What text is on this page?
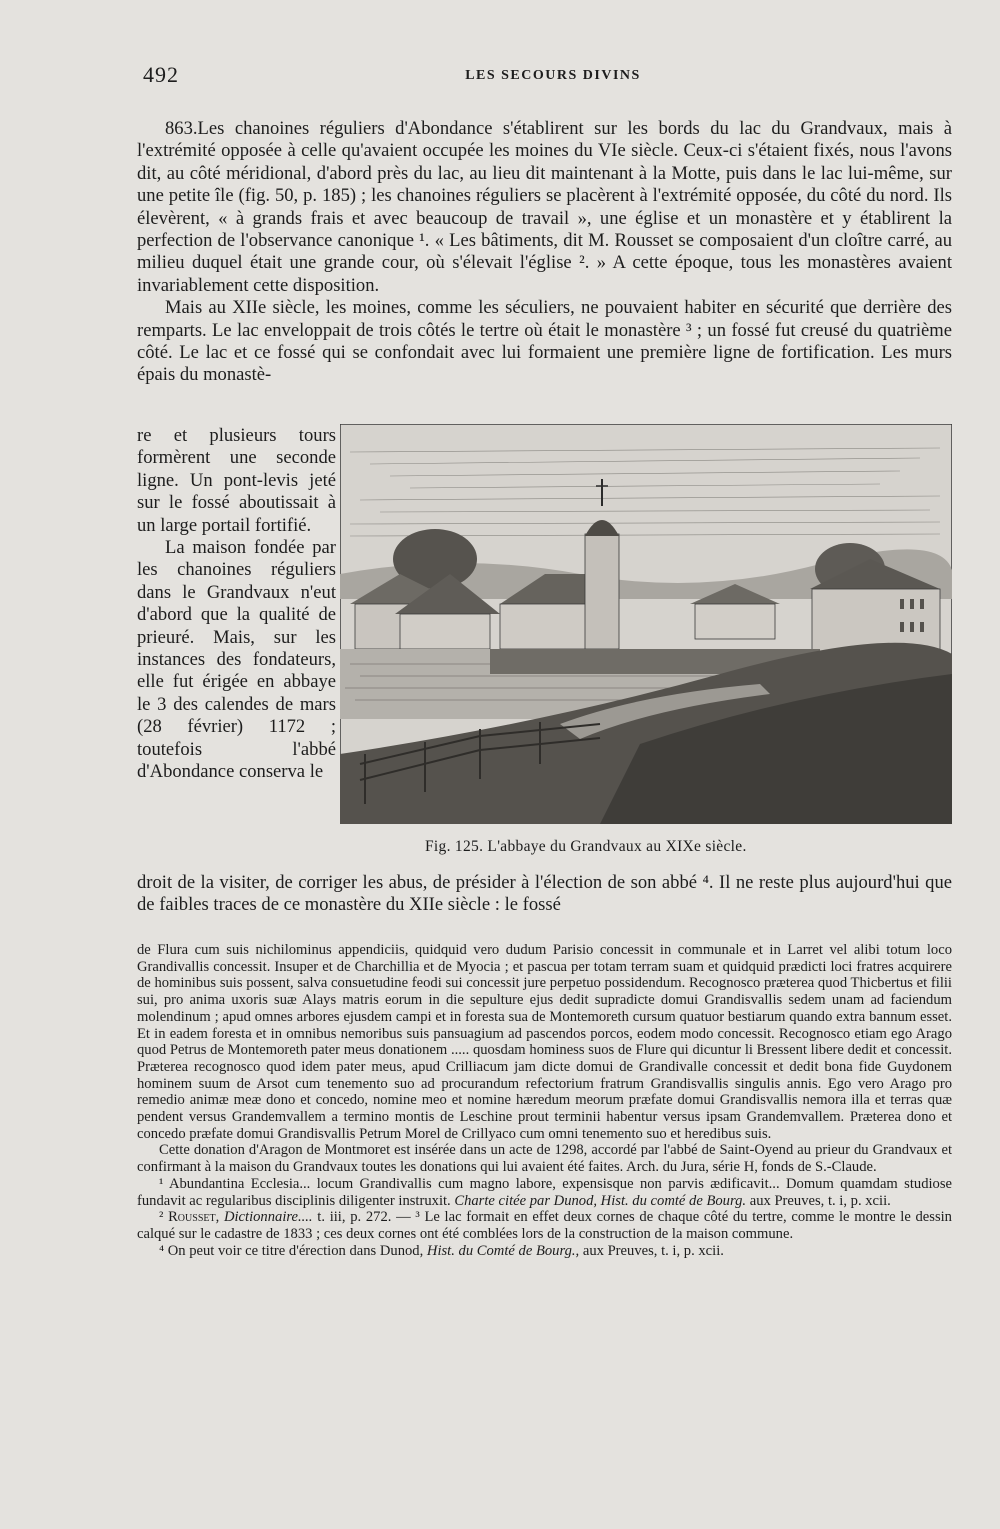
492	LES SECOURS DIVINS

863.Les chanoines réguliers d'Abondance s'établirent sur les bords du lac du Grandvaux, mais à l'extrémité opposée à celle qu'avaient occupée les moines du VIe siècle. Ceux-ci s'étaient fixés, nous l'avons dit, au côté méridional, d'abord près du lac, au lieu dit maintenant à la Motte, puis dans le lac lui-même, sur une petite île (fig. 50, p. 185) ; les chanoines réguliers se placèrent à l'extrémité opposée, du côté du nord. Ils élevèrent, « à grands frais et avec beaucoup de travail », une église et un monastère et y établirent la perfection de l'observance canonique ¹. « Les bâtiments, dit M. Rousset se composaient d'un cloître carré, au milieu duquel était une grande cour, où s'élevait l'église ². » A cette époque, tous les monastères avaient invariablement cette disposition.

Mais au XIIe siècle, les moines, comme les séculiers, ne pouvaient habiter en sécurité que derrière des remparts. Le lac enveloppait de trois côtés le tertre où était le monastère ³ ; un fossé fut creusé du quatrième côté. Le lac et ce fossé qui se confondait avec lui formaient une première ligne de fortification. Les murs épais du monastè-

re et plusieurs tours formèrent une seconde ligne. Un pont-levis jeté sur le fossé aboutissait à un large portail fortifié.

La maison fondée par les chanoines réguliers dans le Grandvaux n'eut d'abord que la qualité de prieuré. Mais, sur les instances des fondateurs, elle fut érigée en abbaye le 3 des calendes de mars (28 février) 1172 ; toutefois l'abbé d'Abondance conserva le

Fig. 125. L'abbaye du Grandvaux au XIXe siècle.

droit de la visiter, de corriger les abus, de présider à l'élection de son abbé ⁴. Il ne reste plus aujourd'hui que de faibles traces de ce monastère du XIIe siècle : le fossé

de Flura cum suis nichilominus appendiciis, quidquid vero dudum Parisio concessit in communale et in Larret vel alibi totum loco Grandivallis concessit. Insuper et de Charchillia et de Myocia ; et pascua per totam terram suam et quidquid prædicti loci fratres acquirere de hominibus suis possent, salva consuetudine feodi sui concessit jure perpetuo possidendum. Recognosco præterea quod Thicbertus et filii sui, pro anima uxoris suæ Alays matris eorum in die sepulture ejus dedit supradicte domui Grandisvallis sedem unam ad faciendum molendinum ; apud omnes arbores ejusdem campi et in foresta sua de Montemoreth cursum quatuor bestiarum quando extra bannum esset. Et in eadem foresta et in omnibus nemoribus suis pansuagium ad pascendos porcos, eodem modo concessit. Recognosco etiam ego Arago quod Petrus de Montemoreth pater meus donationem ..... quosdam hominess suos de Flure qui dicuntur li Bressent libere dedit et concessit. Præterea recognosco quod idem pater meus, apud Crilliacum jam dicte domui de Grandivalle concessit et dedit bona fide Guydonem hominem suum de Arsot cum tenemento suo ad procurandum refectorium fratrum Grandisvallis singulis annis. Ego vero Arago pro remedio animæ meæ dono et concedo, nomine meo et nomine hæredum meorum præfate domui Grandisvallis nemora illa et terras quæ pendent versus Grandemvallem a termino montis de Leschine prout terminii habentur versus ipsam Grandemvallem. Præterea dono et concedo præfate domui Grandisvallis Petrum Morel de Crillyaco cum omni tenemento suo et heredibus suis.

Cette donation d'Aragon de Montmoret est insérée dans un acte de 1298, accordé par l'abbé de Saint-Oyend au prieur du Grandvaux et confirmant à la maison du Grandvaux toutes les donations qui lui avaient été faites. Arch. du Jura, série H, fonds de S.-Claude.

¹ Abundantina Ecclesia... locum Grandivallis cum magno labore, expensisque non parvis ædificavit... Domum quamdam studiose fundavit ac regularibus disciplinis diligenter instruxit. Charte citée par Dunod, Hist. du comté de Bourg. aux Preuves, t. i, p. xcii.

² Rousset, Dictionnaire.... t. iii, p. 272. — ³ Le lac formait en effet deux cornes de chaque côté du tertre, comme le montre le dessin calqué sur le cadastre de 1833 ; ces deux cornes ont été comblées lors de la construction de la maison commune.

⁴ On peut voir ce titre d'érection dans Dunod, Hist. du Comté de Bourg., aux Preuves, t. i, p. xcii.
